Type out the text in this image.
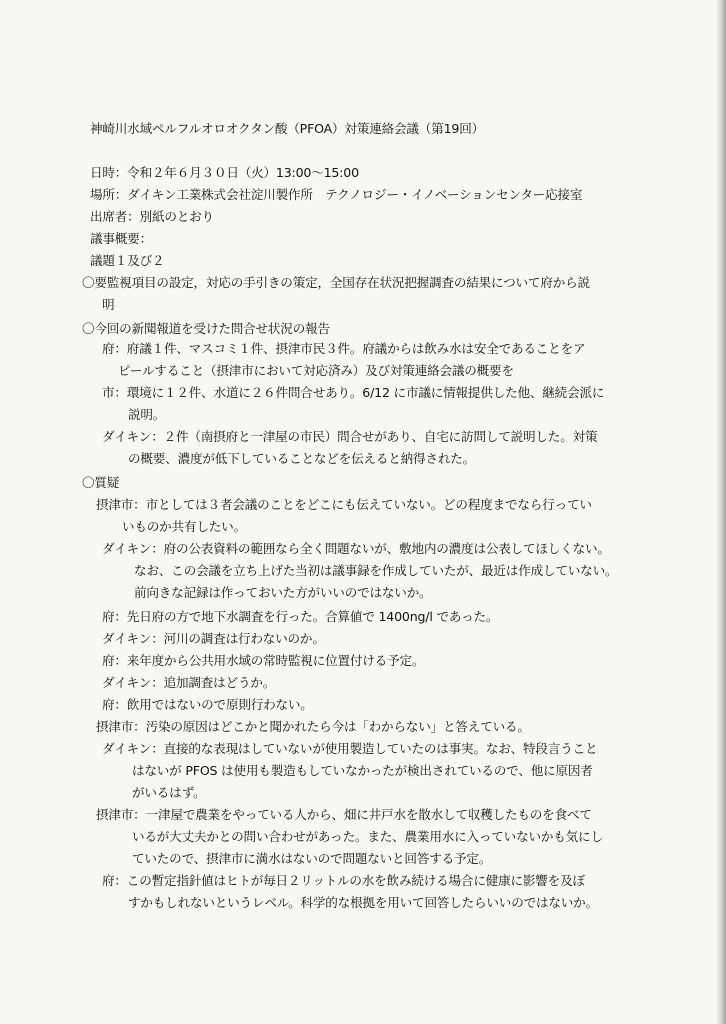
神崎川水域ペルフルオロオクタン酸（PFOA）対策連絡会議（第19回）
日時：令和２年６月３０日（火）13:00～15:00
場所：ダイキン工業株式会社淀川製作所　テクノロジー・イノベーションセンター応接室
出席者：別紙のとおり
議事概要：
議題１及び２
〇要監視項目の設定，対応の手引きの策定，全国存在状況把握調査の結果について府から説
明
〇今回の新聞報道を受けた問合せ状況の報告
府：府議１件、マスコミ１件、摂津市民３件。府議からは飲み水は安全であることをア
ピールすること（摂津市において対応済み）及び対策連絡会議の概要を
市：環境に１２件、水道に２６件問合せあり。6/12 に市議に情報提供した他、継続会派に
説明。
ダイキン：２件（南摂府と一津屋の市民）問合せがあり、自宅に訪問して説明した。対策
の概要、濃度が低下していることなどを伝えると納得された。
〇質疑
摂津市：市としては３者会議のことをどこにも伝えていない。どの程度までなら行ってい
いものか共有したい。
ダイキン：府の公表資料の範囲なら全く問題ないが、敷地内の濃度は公表してほしくない。
なお、この会議を立ち上げた当初は議事録を作成していたが、最近は作成していない。
前向きな記録は作っておいた方がいいのではないか。
府：先日府の方で地下水調査を行った。合算値で 1400ng/l であった。
ダイキン：河川の調査は行わないのか。
府：来年度から公共用水域の常時監視に位置付ける予定。
ダイキン：追加調査はどうか。
府：飲用ではないので原則行わない。
摂津市：汚染の原因はどこかと聞かれたら今は「わからない」と答えている。
ダイキン：直接的な表現はしていないが使用製造していたのは事実。なお、特段言うこと
はないが PFOS は使用も製造もしていなかったが検出されているので、他に原因者
がいるはず。
摂津市：一津屋で農業をやっている人から、畑に井戸水を散水して収穫したものを食べて
いるが大丈夫かとの問い合わせがあった。また、農業用水に入っていないかも気にし
ていたので、摂津市に満水はないので問題ないと回答する予定。
府：この暫定指針値はヒトが毎日２リットルの水を飲み続ける場合に健康に影響を及ぼ
すかもしれないというレベル。科学的な根拠を用いて回答したらいいのではないか。
